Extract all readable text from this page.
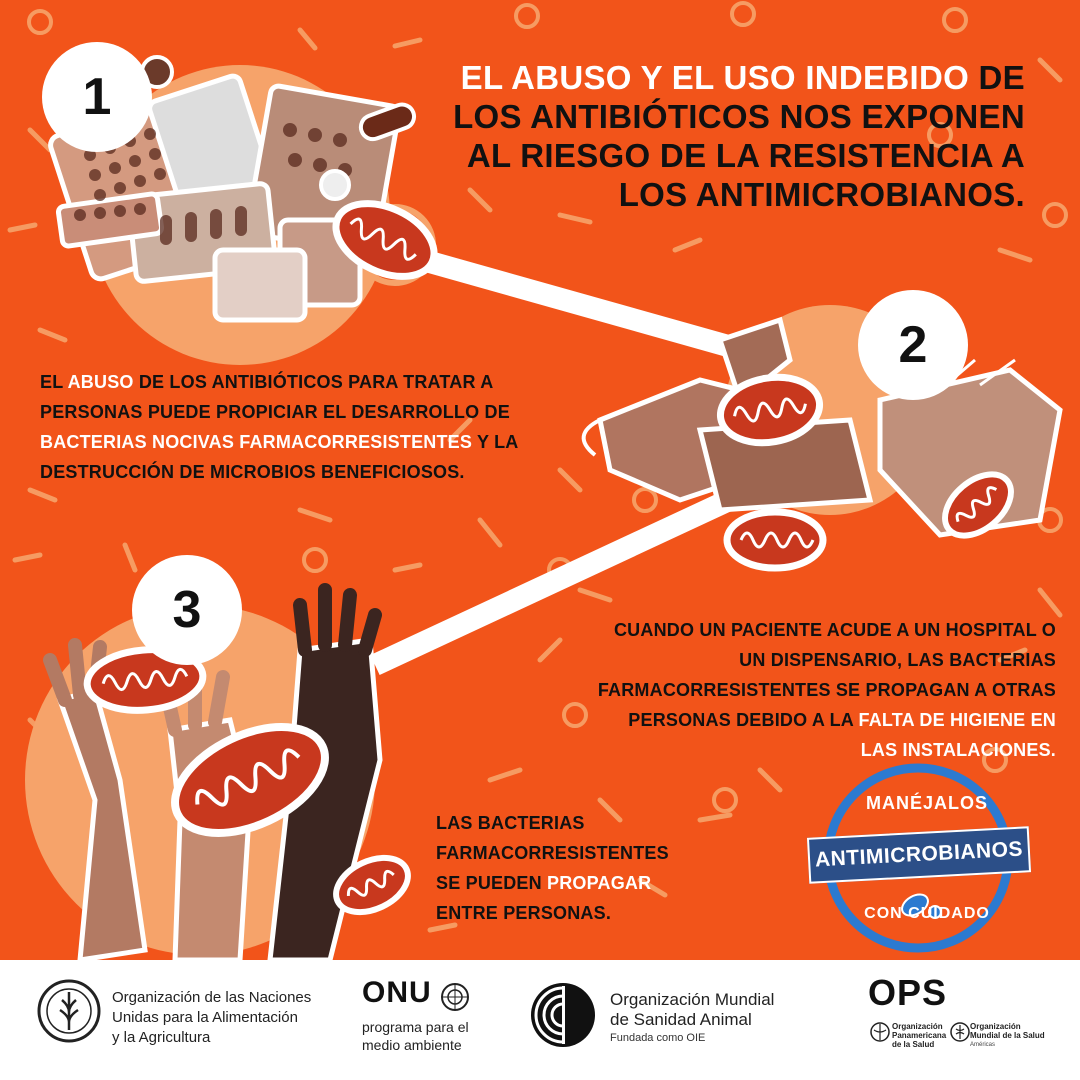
1
2
3
EL ABUSO Y EL USO INDEBIDO DE LOS ANTIBIÓTICOS NOS EXPONEN AL RIESGO DE LA RESISTENCIA A LOS ANTIMICROBIANOS.
EL ABUSO DE LOS ANTIBIÓTICOS PARA TRATAR A PERSONAS PUEDE PROPICIAR EL DESARROLLO DE BACTERIAS NOCIVAS FARMACORRESISTENTES Y LA DESTRUCCIÓN DE MICROBIOS BENEFICIOSOS.
CUANDO UN PACIENTE ACUDE A UN HOSPITAL O UN DISPENSARIO, LAS BACTERIAS FARMACORRESISTENTES SE PROPAGAN A OTRAS PERSONAS DEBIDO A LA FALTA DE HIGIENE EN LAS INSTALACIONES.
LAS BACTERIAS FARMACORRESISTENTES SE PUEDEN PROPAGAR ENTRE PERSONAS.
MANÉJALOS
ANTIMICROBIANOS
CON CUIDADO
Organización de las Naciones
Unidas para la Alimentación
y la Agricultura
ONU
programa para el
medio ambiente
Organización Mundial
de Sanidad Animal
Fundada como OIE
OPS
Organización
Panamericana
de la Salud
Organización
Mundial de la Salud
Américas
